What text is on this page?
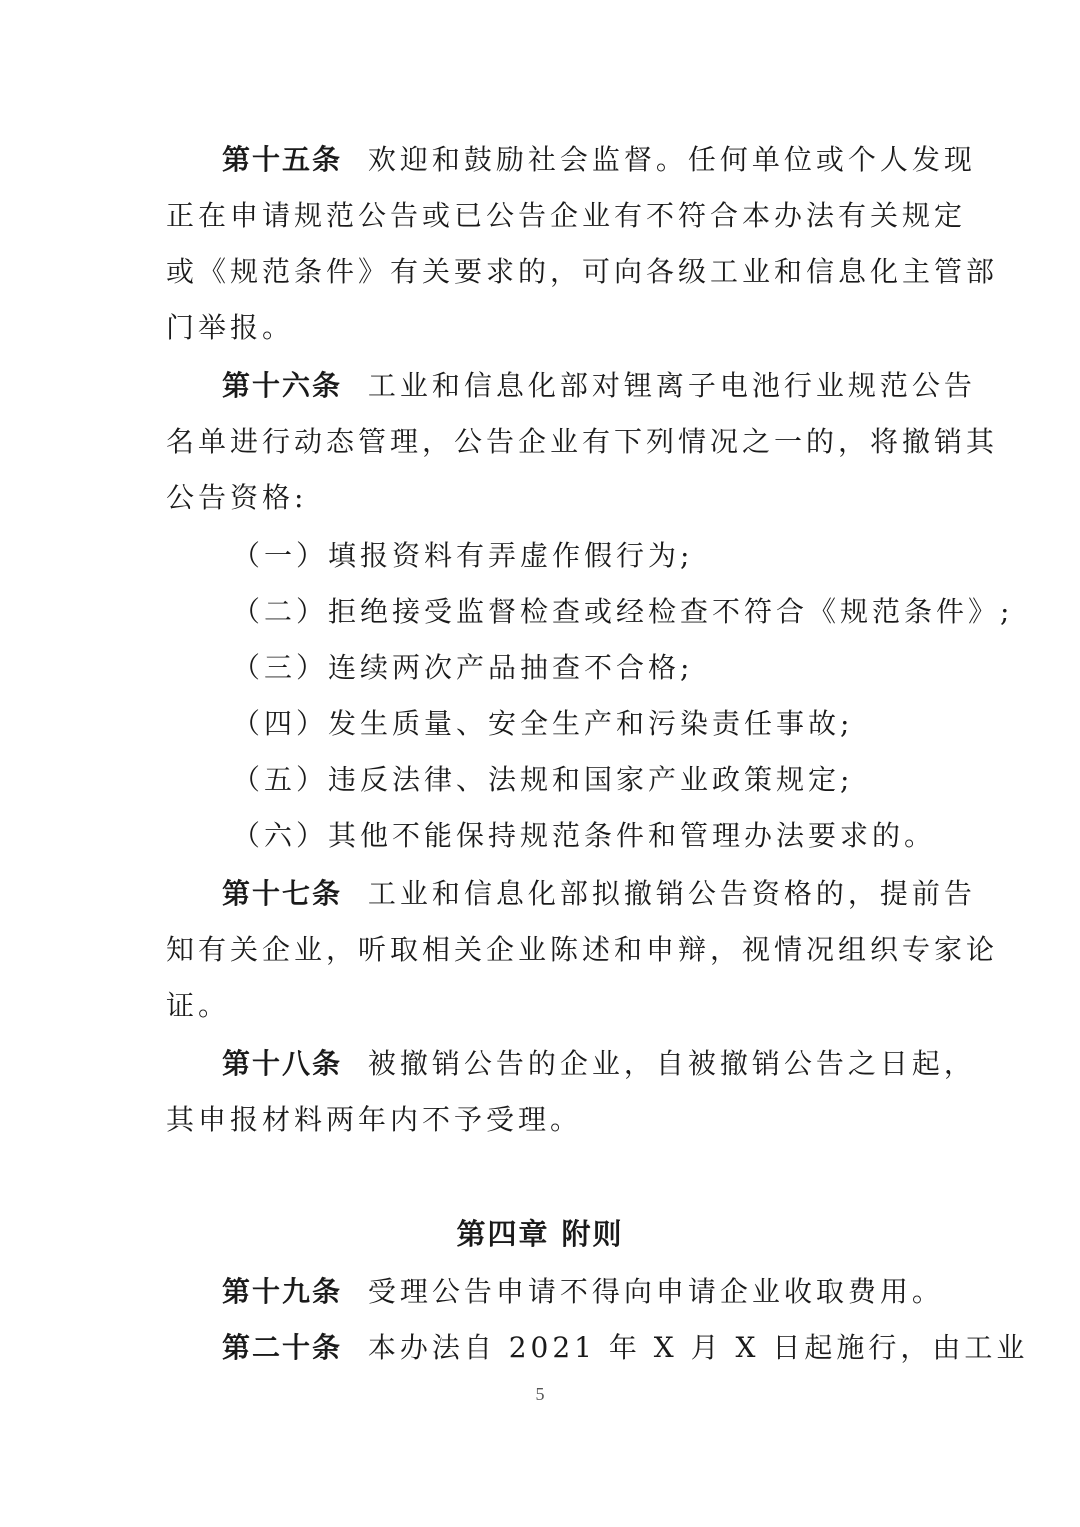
第十五条 欢迎和鼓励社会监督。任何单位或个人发现
正在申请规范公告或已公告企业有不符合本办法有关规定
或《规范条件》有关要求的，可向各级工业和信息化主管部
门举报。
第十六条 工业和信息化部对锂离子电池行业规范公告
名单进行动态管理，公告企业有下列情况之一的，将撤销其
公告资格:
（一）填报资料有弄虚作假行为;
（二）拒绝接受监督检查或经检查不符合《规范条件》;
（三）连续两次产品抽查不合格;
（四）发生质量、安全生产和污染责任事故;
（五）违反法律、法规和国家产业政策规定;
（六）其他不能保持规范条件和管理办法要求的。
第十七条 工业和信息化部拟撤销公告资格的，提前告
知有关企业，听取相关企业陈述和申辩，视情况组织专家论
证。
第十八条 被撤销公告的企业，自被撤销公告之日起，
其申报材料两年内不予受理。
第四章 附则
第十九条 受理公告申请不得向申请企业收取费用。
第二十条 本办法自 2021 年 X 月 X 日起施行，由工业
5
